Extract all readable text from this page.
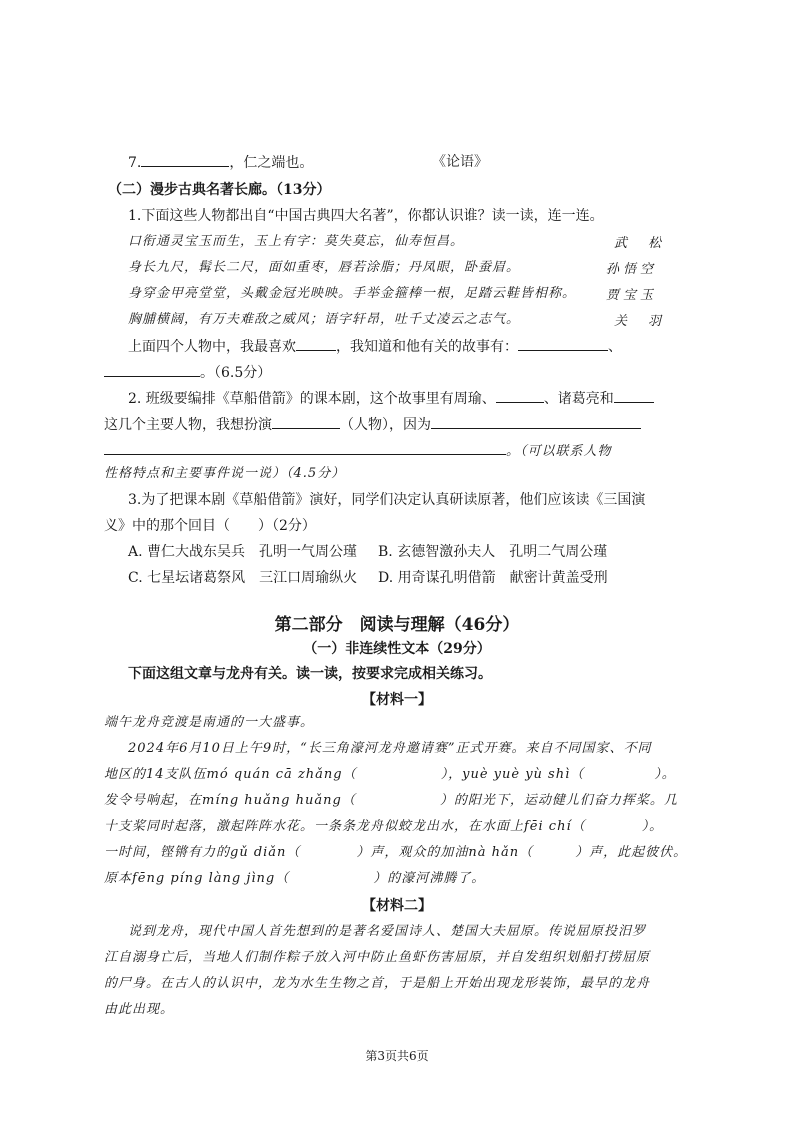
7.	，仁之端也。	《论语》
（二）漫步古典名著长廊。（13分）
1.下面这些人物都出自“中国古典四大名著”，你都认识谁？读一读，连一连。
口衔通灵宝玉而生，玉上有字：莫失莫忘，仙寿恒昌。
身长九尺，髯长二尺，面如重枣，唇若涂脂；丹凤眼，卧蚕眉。
身穿金甲亮堂堂，头戴金冠光映映。手举金箍棒一根，足踏云鞋皆相称。
胸脯横阔，有万夫难敌之威风；语字轩昂，吐千丈凌云之志气。
武　松
孙悟空
贾宝玉
关　羽
上面四个人物中，我最喜欢	，我知道和他有关的故事有：	、
。（6.5分）
2. 班级要编排《草船借箭》的课本剧，这个故事里有周瑜、	、诸葛亮和
这几个主要人物，我想扮演	（人物），因为
。（可以联系人物
性格特点和主要事件说一说）（4.5分）
3.为了把课本剧《草船借箭》演好，同学们决定认真研读原著，他们应该读《三国演
义》中的那个回目（　　）（2分）
A. 曹仁大战东吴兵　孔明一气周公瑾 B. 玄德智激孙夫人　孔明二气周公瑾
C. 七星坛诸葛祭风　三江口周瑜纵火 D. 用奇谋孔明借箭　献密计黄盖受刑
第二部分　阅读与理解（46分）
（一）非连续性文本（29分）
下面这组文章与龙舟有关。读一读，按要求完成相关练习。
【材料一】
端午龙舟竞渡是南通的一大盛事。
2024年6月10日上午9时，“长三角濠河龙舟邀请赛”正式开赛。来自不同国家、不同
地区的14支队伍mó quán cā zhǎng（　　　　　　），yuè yuè yù shì（　　　　　）。
发令号响起，在míng huǎng huǎng（　　　　　　）的阳光下，运动健儿们奋力挥桨。几
十支桨同时起落，激起阵阵水花。一条条龙舟似蛟龙出水，在水面上fēi chí（　　　　）。
一时间，铿锵有力的gǔ diǎn（　　　　）声，观众的加油nà hǎn（　　　）声，此起彼伏。
原本fēng píng làng jìng（　　　　　　）的濠河沸腾了。
【材料二】
说到龙舟，现代中国人首先想到的是著名爱国诗人、楚国大夫屈原。传说屈原投汨罗
江自溺身亡后，当地人们制作粽子放入河中防止鱼虾伤害屈原，并自发组织划船打捞屈原
的尸身。在古人的认识中，龙为水生生物之首，于是船上开始出现龙形装饰，最早的龙舟
由此出现。
第3页共6页
